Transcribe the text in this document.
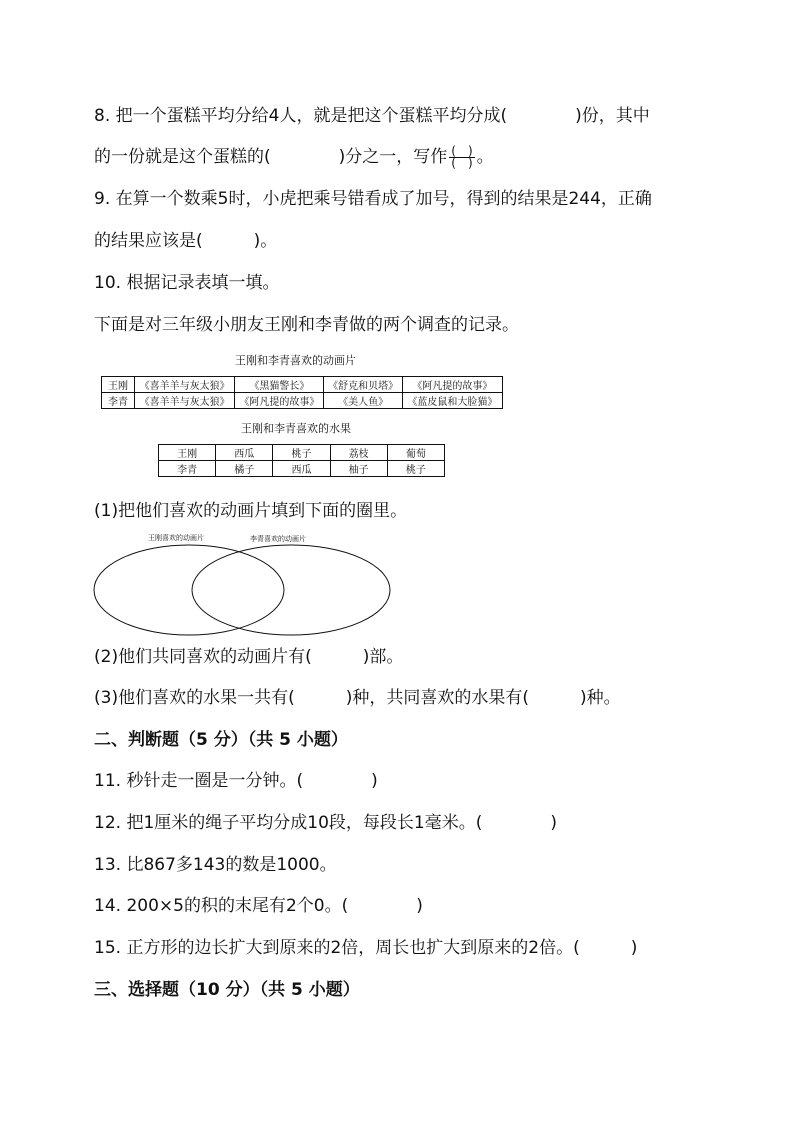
8. 把一个蛋糕平均分给4人，就是把这个蛋糕平均分成(　　　　)份，其中
的一份就是这个蛋糕的(　　　　)分之一，写作 $\frac{( )}{( )}$ 。
9. 在算一个数乘5时，小虎把乘号错看成了加号，得到的结果是244，正确
的结果应该是(　　　)。
10. 根据记录表填一填。
下面是对三年级小朋友王刚和李青做的两个调查的记录。
王刚和李青喜欢的动画片
王刚	《喜羊羊与灰太狼》	《黑猫警长》	《舒克和贝塔》	《阿凡提的故事》
李青	《喜羊羊与灰太狼》	《阿凡提的故事》	《美人鱼》	《蓝皮鼠和大脸猫》
王刚和李青喜欢的水果
王刚	西瓜	桃子	荔枝	葡萄
李青	橘子	西瓜	柚子	桃子
(1)把他们喜欢的动画片填到下面的圈里。
王刚喜欢的动画片	李青喜欢的动画片
(2)他们共同喜欢的动画片有(　　　)部。
(3)他们喜欢的水果一共有(　　　)种，共同喜欢的水果有(　　　)种。
二、判断题（5 分）（共 5 小题）
11. 秒针走一圈是一分钟。(　　　　)
12. 把1厘米的绳子平均分成10段，每段长1毫米。(　　　　)
13. 比867多143的数是1000。
14. 200×5的积的末尾有2个0。(　　　　)
15. 正方形的边长扩大到原来的2倍，周长也扩大到原来的2倍。(　　　)
三、选择题（10 分）（共 5 小题）
